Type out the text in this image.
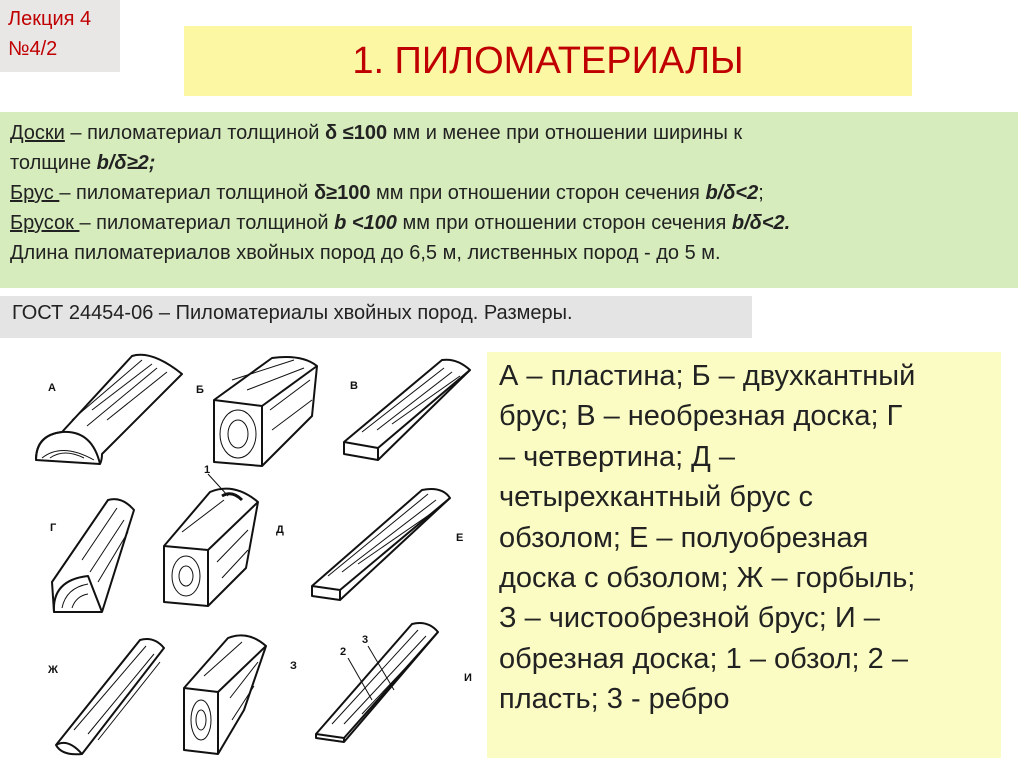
Лекция 4
№4/2	1. ПИЛОМАТЕРИАЛЫ
Доски – пиломатериал толщиной δ ≤100 мм и менее при отношении ширины к
толщине b/δ≥2;
Брус – пиломатериал толщиной δ≥100 мм при отношении сторон сечения b/δ<2;
Брусок – пиломатериал толщиной b <100 мм при отношении сторон сечения b/δ<2.
Длина пиломатериалов хвойных пород до 6,5 м, лиственных пород - до 5 м.
ГОСТ 24454-06 – Пиломатериалы хвойных пород. Размеры.
А	Б	В
Г	Д
Е
Ж	З
И
1
2
3
А – пластина; Б – двухкантный
брус; В – необрезная доска; Г
– четвертина; Д –
четырехкантный брус с
обзолом; Е – полуобрезная
доска с обзолом; Ж – горбыль;
З – чистообрезной брус; И –
обрезная доска; 1 – обзол; 2 –
пласть; 3 - ребро
